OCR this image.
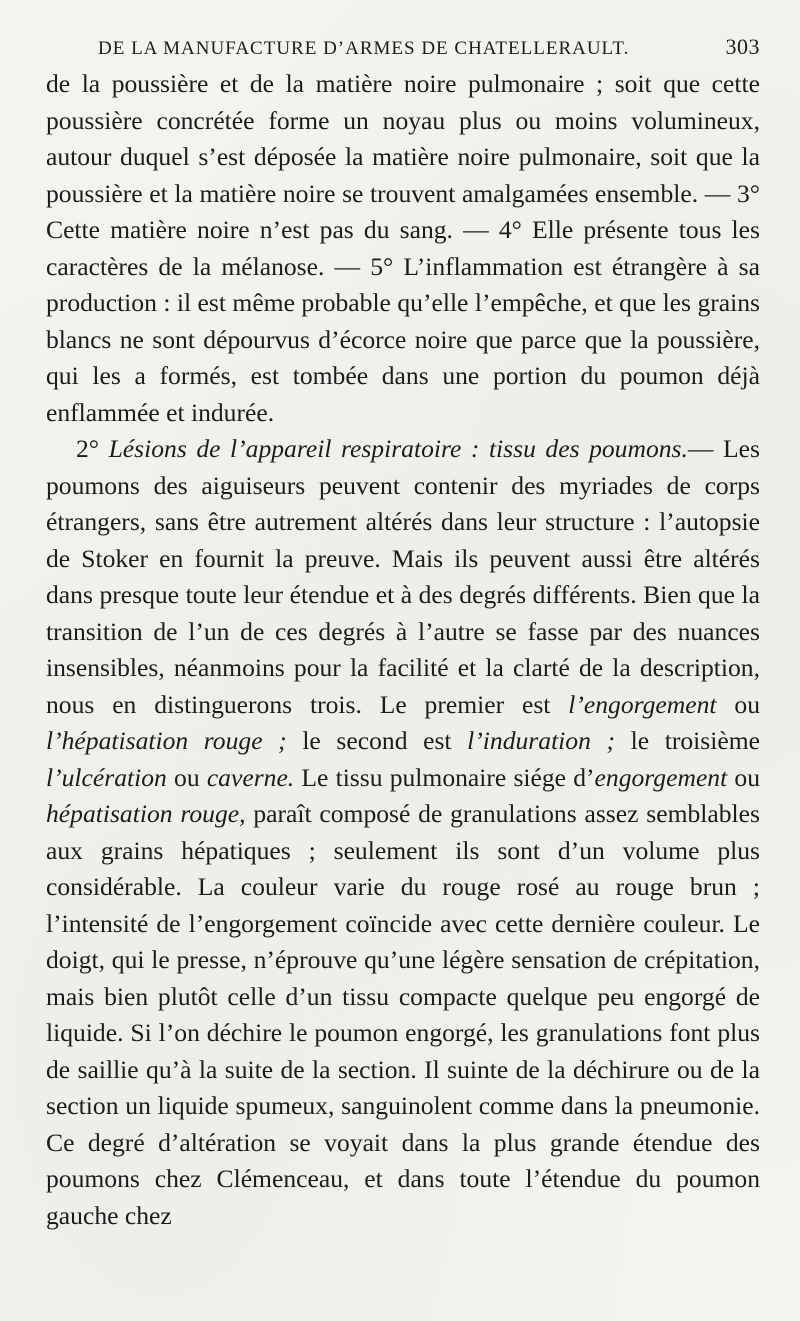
DE LA MANUFACTURE D’ARMES DE CHATELLERAULT.	303

de la poussière et de la matière noire pulmonaire ; soit que cette poussière concrétée forme un noyau plus ou moins volumineux, autour duquel s’est déposée la matière noire pulmonaire, soit que la poussière et la matière noire se trouvent amalgamées ensemble. — 3° Cette matière noire n’est pas du sang. — 4° Elle présente tous les caractères de la mélanose. — 5° L’inflammation est étrangère à sa production : il est même probable qu’elle l’empêche, et que les grains blancs ne sont dépourvus d’écorce noire que parce que la poussière, qui les a formés, est tombée dans une portion du poumon déjà enflammée et indurée.

2° Lésions de l’appareil respiratoire : tissu des poumons.— Les poumons des aiguiseurs peuvent contenir des myriades de corps étrangers, sans être autrement altérés dans leur structure : l’autopsie de Stoker en fournit la preuve. Mais ils peuvent aussi être altérés dans presque toute leur étendue et à des degrés différents. Bien que la transition de l’un de ces degrés à l’autre se fasse par des nuances insensibles, néanmoins pour la facilité et la clarté de la description, nous en distinguerons trois. Le premier est l’engorgement ou l’hépatisation rouge ; le second est l’induration ; le troisième l’ulcération ou caverne. Le tissu pulmonaire siége d’engorgement ou hépatisation rouge, paraît composé de granulations assez semblables aux grains hépatiques ; seulement ils sont d’un volume plus considérable. La couleur varie du rouge rosé au rouge brun ; l’intensité de l’engorgement coïncide avec cette dernière couleur. Le doigt, qui le presse, n’éprouve qu’une légère sensation de crépitation, mais bien plutôt celle d’un tissu compacte quelque peu engorgé de liquide. Si l’on déchire le poumon engorgé, les granulations font plus de saillie qu’à la suite de la section. Il suinte de la déchirure ou de la section un liquide spumeux, sanguinolent comme dans la pneumonie. Ce degré d’altération se voyait dans la plus grande étendue des poumons chez Clémenceau, et dans toute l’étendue du poumon gauche chez
